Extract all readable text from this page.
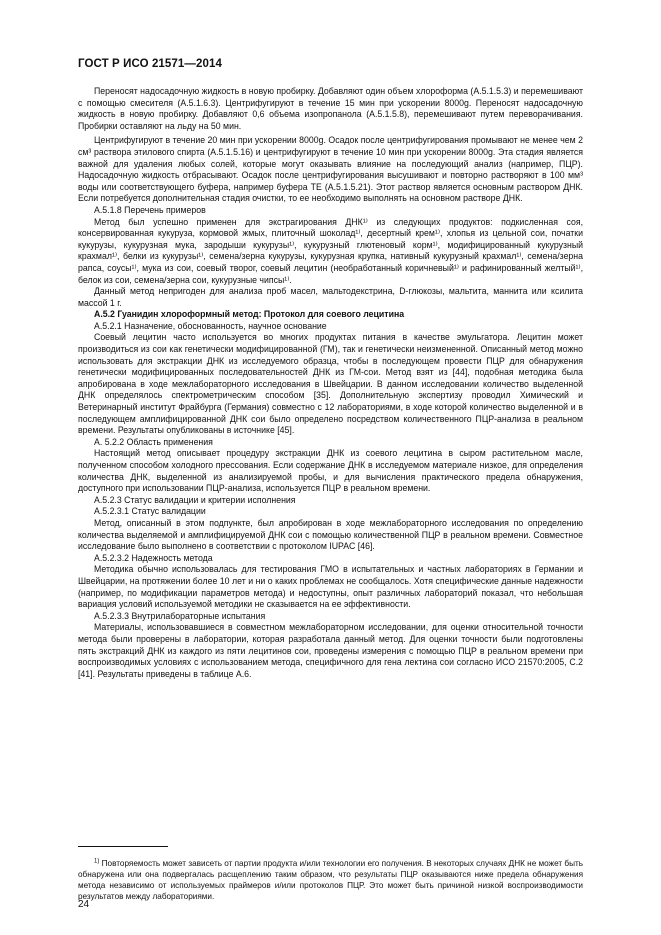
ГОСТ Р ИСО 21571—2014

Переносят надосадочную жидкость в новую пробирку. Добавляют один объем хлороформа (А.5.1.5.3) и перемешивают с помощью смесителя (А.5.1.6.3). Центрифугируют в течение 15 мин при ускорении 8000g. Переносят надосадочную жидкость в новую пробирку. Добавляют 0,6 объема изопропанола (А.5.1.5.8), перемешивают путем переворачивания. Пробирки оставляют на льду на 50 мин.

Центрифугируют в течение 20 мин при ускорении 8000g. Осадок после центрифугирования промывают не менее чем 2 см³ раствора этилового спирта (А.5.1.5.16) и центрифугируют в течение 10 мин при ускорении 8000g. Эта стадия является важной для удаления любых солей, которые могут оказывать влияние на последующий анализ (например, ПЦР). Надосадочную жидкость отбрасывают. Осадок после центрифугирования высушивают и повторно растворяют в 100 мм³ воды или соответствующего буфера, например буфера ТЕ (А.5.1.5.21). Этот раствор является основным раствором ДНК. Если потребуется дополнительная стадия очистки, то ее необходимо выполнять на основном растворе ДНК.

А.5.1.8 Перечень примеров

Метод был успешно применен для экстрагирования ДНК¹⁾ из следующих продуктов: подкисленная соя, консервированная кукуруза, кормовой жмых, плиточный шоколад¹⁾, десертный крем¹⁾, хлопья из цельной сои, початки кукурузы, кукурузная мука, зародыши кукурузы¹⁾, кукурузный глютеновый корм¹⁾, модифицированный кукурузный крахмал¹⁾, белки из кукурузы¹⁾, семена/зерна кукурузы, кукурузная крупка, нативный кукурузный крахмал¹⁾, семена/зерна рапса, соусы¹⁾, мука из сои, соевый творог, соевый лецитин (необработанный коричневый¹⁾ и рафинированный желтый¹⁾, белок из сои, семена/зерна сои, кукурузные чипсы¹⁾.

Данный метод непригоден для анализа проб масел, мальтодекстрина, D-глюкозы, мальтита, маннита или ксилита массой 1 г.

А.5.2 Гуанидин хлороформный метод: Протокол для соевого лецитина

А.5.2.1 Назначение, обоснованность, научное основание

Соевый лецитин часто используется во многих продуктах питания в качестве эмульгатора. Лецитин может производиться из сои как генетически модифицированной (ГМ), так и генетически неизмененной. Описанный метод можно использовать для экстракции ДНК из исследуемого образца, чтобы в последующем провести ПЦР для обнаружения генетически модифицированных последовательностей ДНК из ГМ-сои. Метод взят из [44], подобная методика была апробирована в ходе межлабораторного исследования в Швейцарии. В данном исследовании количество выделенной ДНК определялось спектрометрическим способом [35]. Дополнительную экспертизу проводил Химический и Ветеринарный институт Фрайбурга (Германия) совместно с 12 лабораториями, в ходе которой количество выделенной и в последующем амплифицированной ДНК сои было определено посредством количественного ПЦР-анализа в реальном времени. Результаты опубликованы в источнике [45].

А. 5.2.2 Область применения

Настоящий метод описывает процедуру экстракции ДНК из соевого лецитина в сыром растительном масле, полученном способом холодного прессования. Если содержание ДНК в исследуемом материале низкое, для определения количества ДНК, выделенной из анализируемой пробы, и для вычисления практического предела обнаружения, доступного при использовании ПЦР-анализа, используется ПЦР в реальном времени.

А.5.2.3 Статус валидации и критерии исполнения

А.5.2.3.1 Статус валидации

Метод, описанный в этом подпункте, был апробирован в ходе межлабораторного исследования по определению количества выделяемой и амплифицируемой ДНК сои с помощью количественной ПЦР в реальном времени. Совместное исследование было выполнено в соответствии с протоколом IUPAC [46].

А.5.2.3.2 Надежность метода

Методика обычно использовалась для тестирования ГМО в испытательных и частных лабораториях в Германии и Швейцарии, на протяжении более 10 лет и ни о каких проблемах не сообщалось. Хотя специфические данные надежности (например, по модификации параметров метода) и недоступны, опыт различных лабораторий показал, что небольшая вариация условий используемой методики не сказывается на ее эффективности.

А.5.2.3.3 Внутрилабораторные испытания

Материалы, использовавшиеся в совместном межлабораторном исследовании, для оценки относительной точности метода были проверены в лаборатории, которая разработала данный метод. Для оценки точности были подготовлены пять экстракций ДНК из каждого из пяти лецитинов сои, проведены измерения с помощью ПЦР в реальном времени при воспроизводимых условиях с использованием метода, специфичного для гена лектина сои согласно ИСО 21570:2005, С.2 [41]. Результаты приведены в таблице А.6.

$^{1)}$ Повторяемость может зависеть от партии продукта и/или технологии его получения. В некоторых случаях ДНК не может быть обнаружена или она подвергалась расщеплению таким образом, что результаты ПЦР оказываются ниже предела обнаружения метода независимо от используемых праймеров и/или протоколов ПЦР. Это может быть причиной низкой воспроизводимости результатов между лабораториями.

24
